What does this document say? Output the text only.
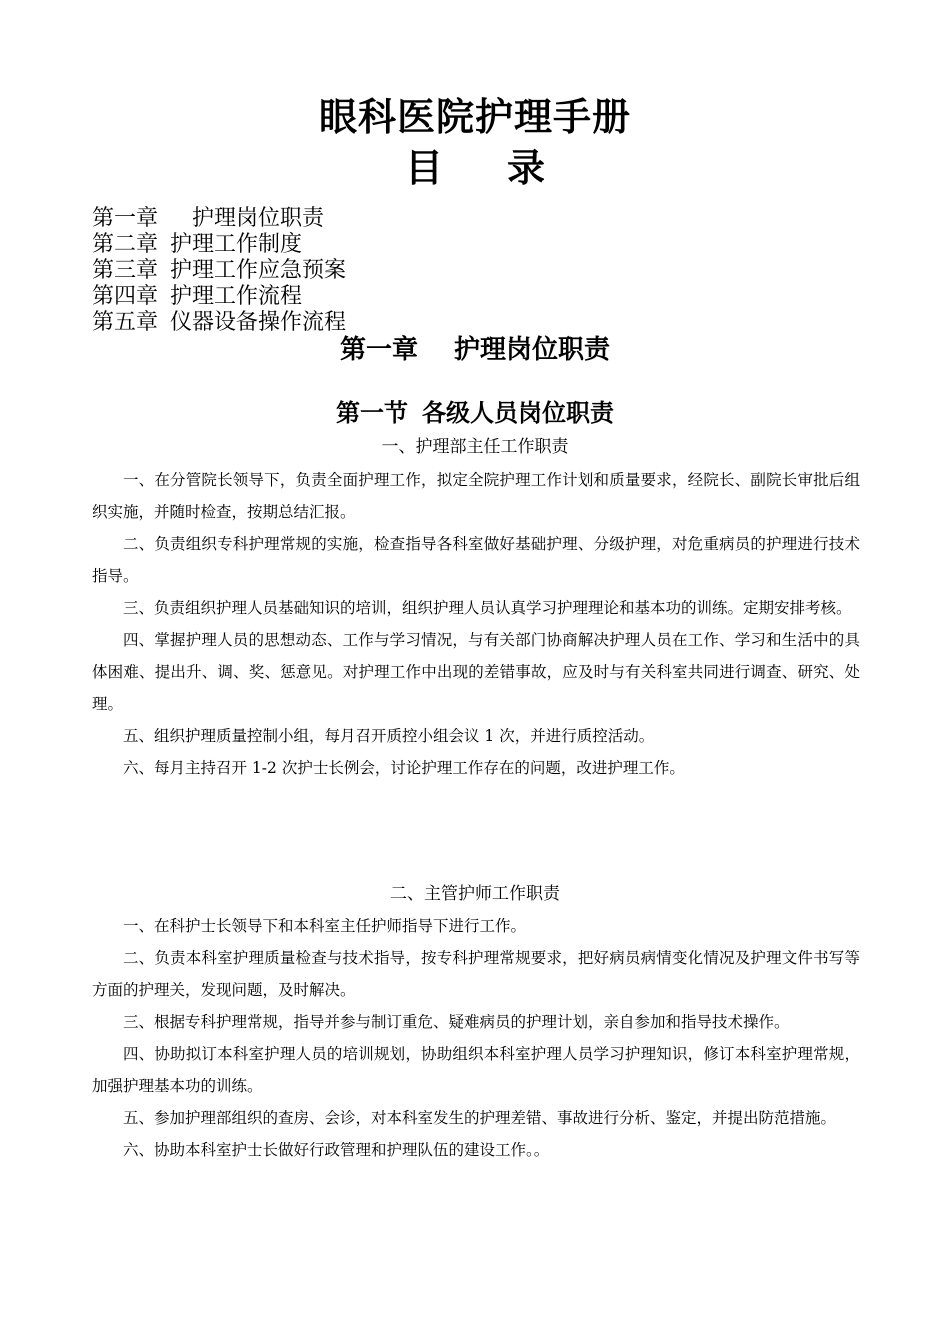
眼科医院护理手册
目 录
第一章 护理岗位职责
第二章 护理工作制度
第三章 护理工作应急预案
第四章 护理工作流程
第五章 仪器设备操作流程
第一章 护理岗位职责
第一节 各级人员岗位职责
一、护理部主任工作职责

一、在分管院长领导下，负责全面护理工作，拟定全院护理工作计划和质量要求，经院长、副院长审批后组织实施，并随时检查，按期总结汇报。

二、负责组织专科护理常规的实施，检查指导各科室做好基础护理、分级护理，对危重病员的护理进行技术指导。

三、负责组织护理人员基础知识的培训，组织护理人员认真学习护理理论和基本功的训练。定期安排考核。

四、掌握护理人员的思想动态、工作与学习情况，与有关部门协商解决护理人员在工作、学习和生活中的具体困难、提出升、调、奖、惩意见。对护理工作中出现的差错事故，应及时与有关科室共同进行调查、研究、处理。

五、组织护理质量控制小组，每月召开质控小组会议 1 次，并进行质控活动。

六、每月主持召开 1-2 次护士长例会，讨论护理工作存在的问题，改进护理工作。

二、主管护师工作职责

一、在科护士长领导下和本科室主任护师指导下进行工作。

二、负责本科室护理质量检查与技术指导，按专科护理常规要求，把好病员病情变化情况及护理文件书写等方面的护理关，发现问题，及时解决。

三、根据专科护理常规，指导并参与制订重危、疑难病员的护理计划，亲自参加和指导技术操作。

四、协助拟订本科室护理人员的培训规划，协助组织本科室护理人员学习护理知识，修订本科室护理常规，加强护理基本功的训练。

五、参加护理部组织的查房、会诊，对本科室发生的护理差错、事故进行分析、鉴定，并提出防范措施。

六、协助本科室护士长做好行政管理和护理队伍的建设工作。。
